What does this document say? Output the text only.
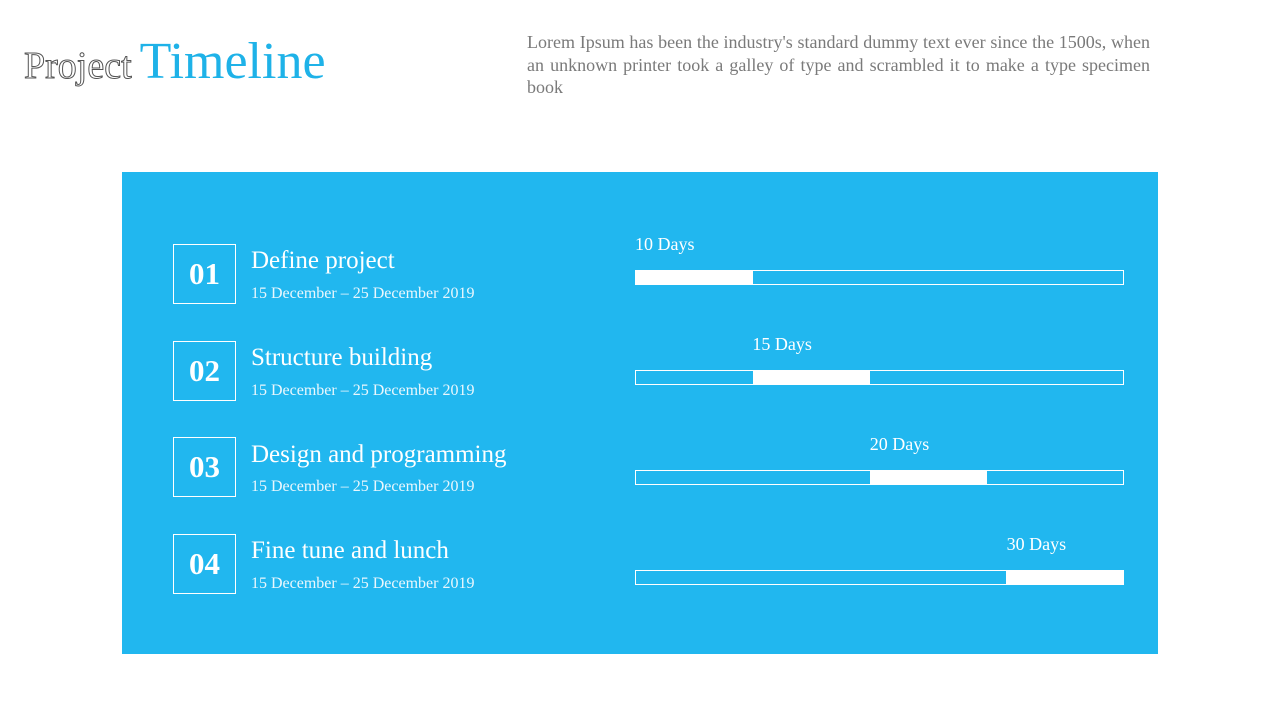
Project Timeline	Lorem Ipsum has been the industry's standard dummy text ever since the 1500s, when an unknown printer took a galley of type and scrambled it to make a type specimen book

01	Define project
15 December – 25 December 2019
10 Days
02	Structure building
15 December – 25 December 2019
15 Days
03	Design and programming
15 December – 25 December 2019
20 Days
04	Fine tune and lunch
15 December – 25 December 2019
30 Days
